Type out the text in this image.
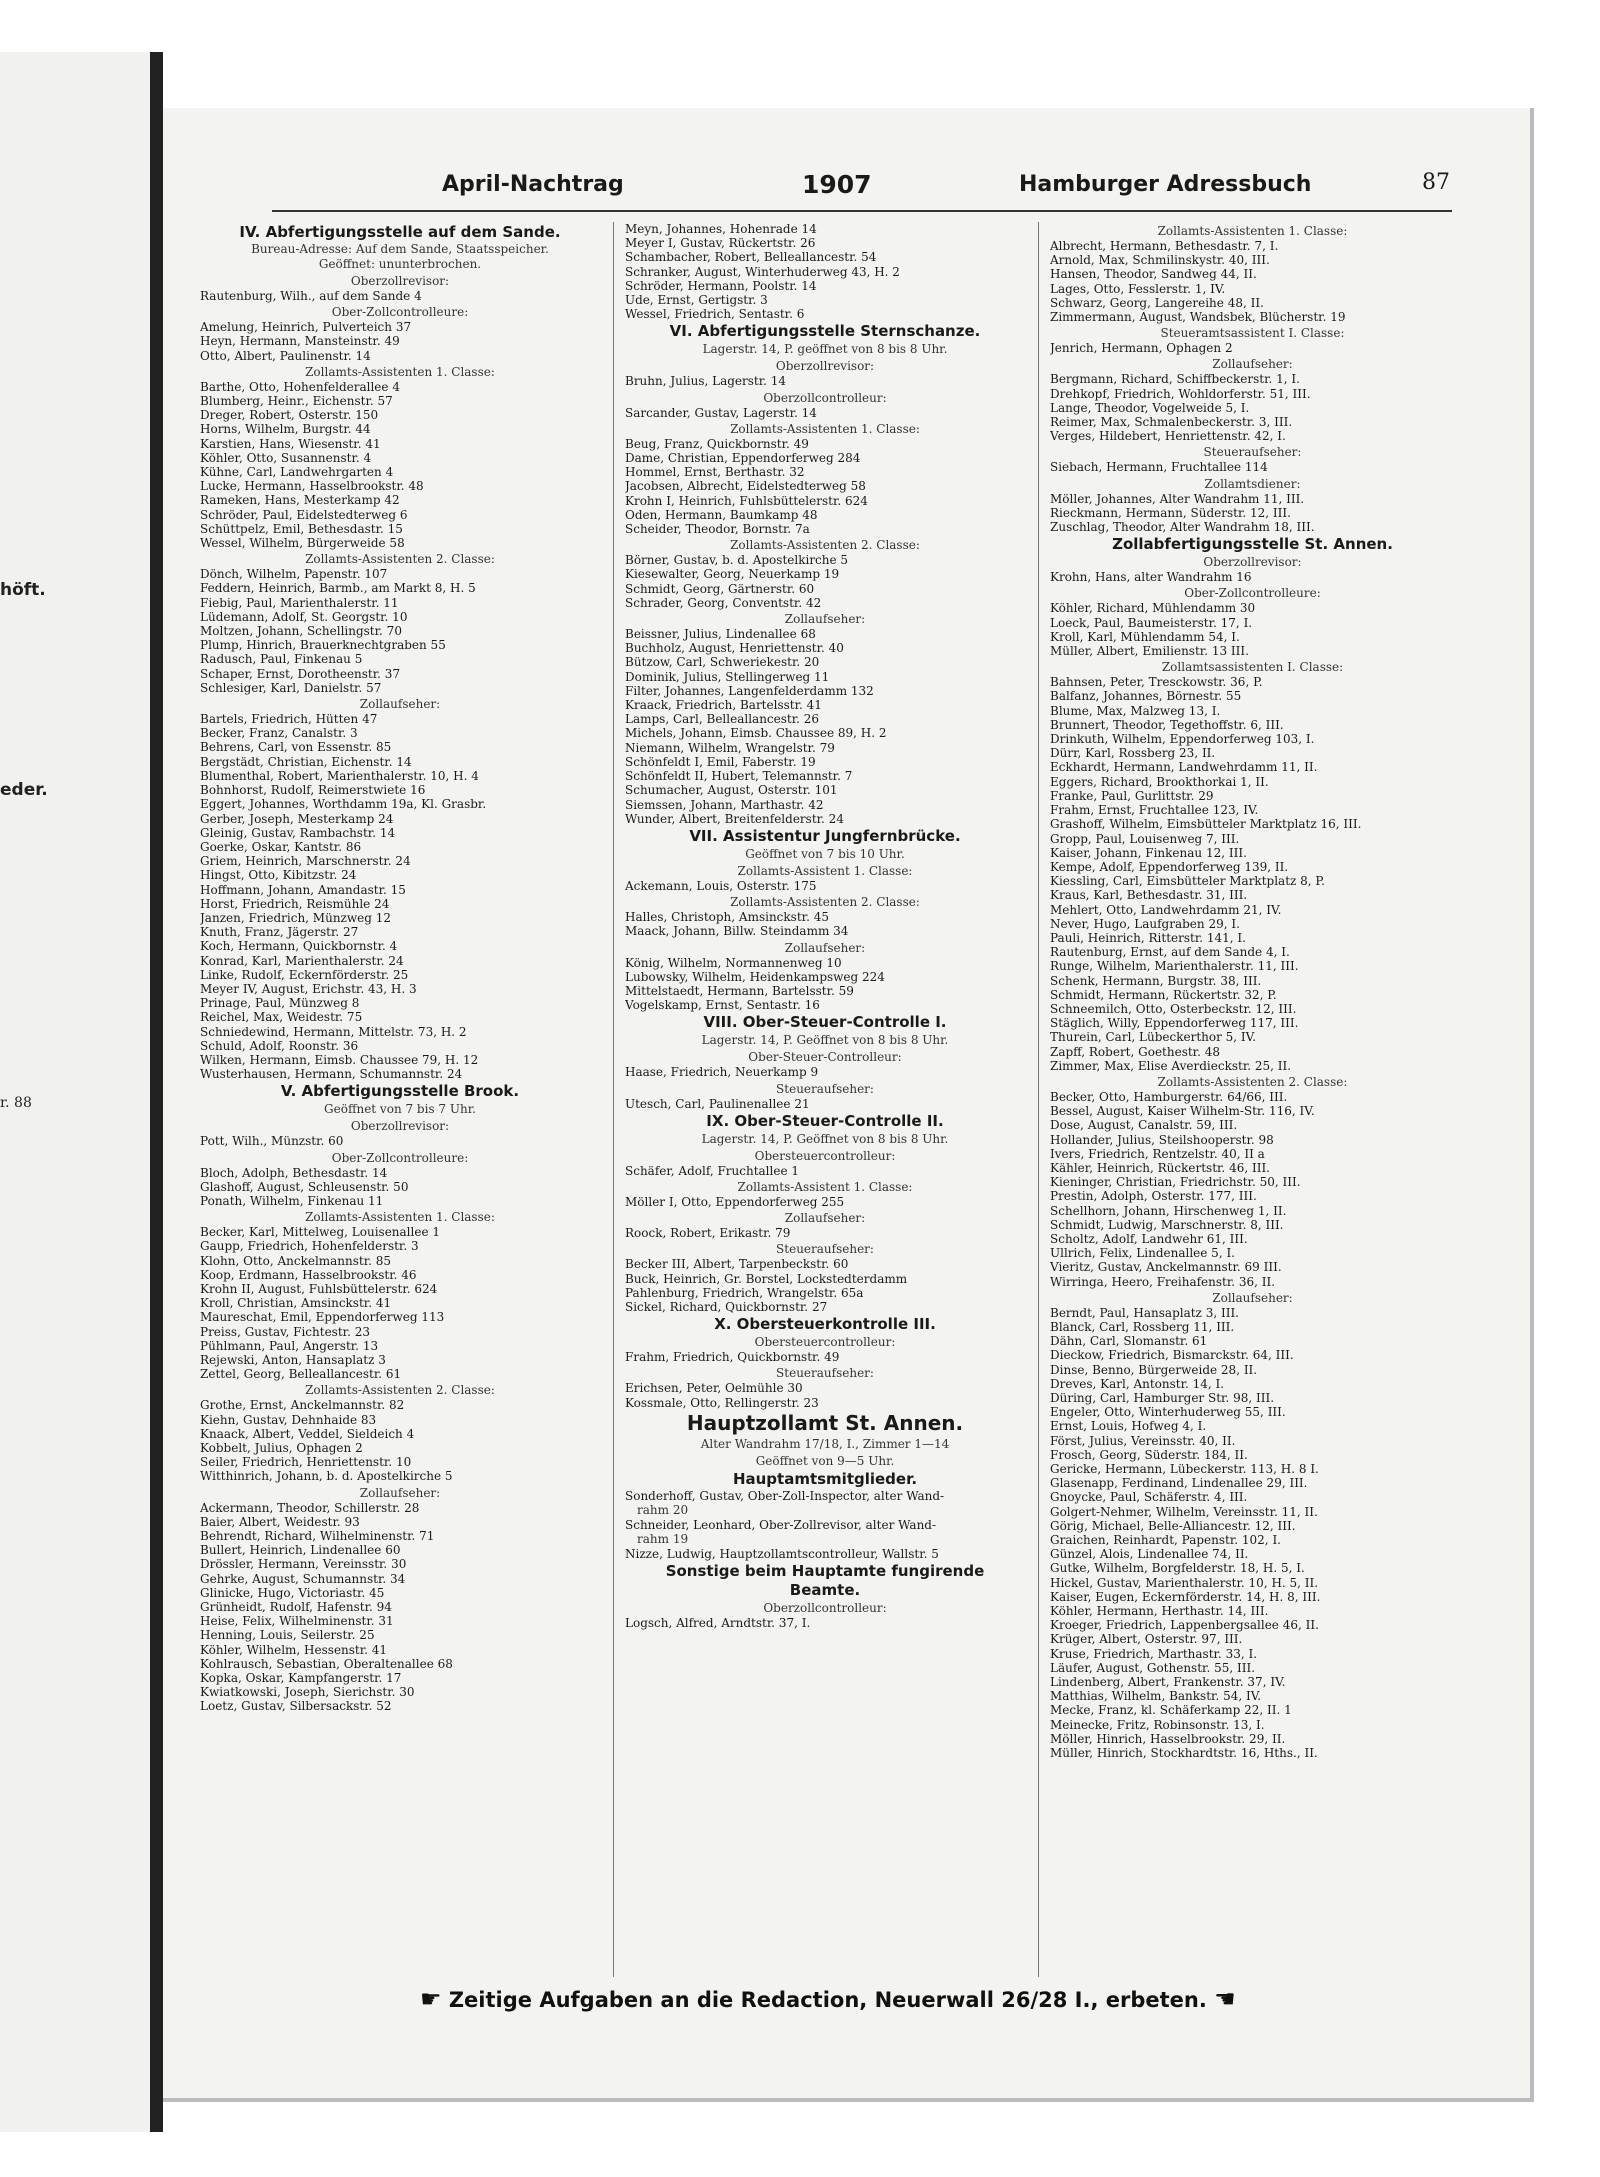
höft.
eder.
r. 88
April-Nachtrag	1907	Hamburger Adressbuch	87
IV. Abfertigungsstelle auf dem Sande.
Bureau-Adresse: Auf dem Sande, Staatsspeicher.
Geöffnet: ununterbrochen.
Oberzollrevisor:
Rautenburg, Wilh., auf dem Sande 4
Ober-Zollcontrolleure:
Amelung, Heinrich, Pulverteich 37
Heyn, Hermann, Mansteinstr. 49
Otto, Albert, Paulinenstr. 14
Zollamts-Assistenten 1. Classe:
Barthe, Otto, Hohenfelderallee 4
Blumberg, Heinr., Eichenstr. 57
Dreger, Robert, Osterstr. 150
Horns, Wilhelm, Burgstr. 44
Karstien, Hans, Wiesenstr. 41
Köhler, Otto, Susannenstr. 4
Kühne, Carl, Landwehrgarten 4
Lucke, Hermann, Hasselbrookstr. 48
Rameken, Hans, Mesterkamp 42
Schröder, Paul, Eidelstedterweg 6
Schüttpelz, Emil, Bethesdastr. 15
Wessel, Wilhelm, Bürgerweide 58
Zollamts-Assistenten 2. Classe:
Dönch, Wilhelm, Papenstr. 107
Feddern, Heinrich, Barmb., am Markt 8, H. 5
Fiebig, Paul, Marienthalerstr. 11
Lüdemann, Adolf, St. Georgstr. 10
Moltzen, Johann, Schellingstr. 70
Plump, Hinrich, Brauerknechtgraben 55
Radusch, Paul, Finkenau 5
Schaper, Ernst, Dorotheenstr. 37
Schlesiger, Karl, Danielstr. 57
Zollaufseher:
Bartels, Friedrich, Hütten 47
Becker, Franz, Canalstr. 3
Behrens, Carl, von Essenstr. 85
Bergstädt, Christian, Eichenstr. 14
Blumenthal, Robert, Marienthalerstr. 10, H. 4
Bohnhorst, Rudolf, Reimerstwiete 16
Eggert, Johannes, Worthdamm 19a, Kl. Grasbr.
Gerber, Joseph, Mesterkamp 24
Gleinig, Gustav, Rambachstr. 14
Goerke, Oskar, Kantstr. 86
Griem, Heinrich, Marschnerstr. 24
Hingst, Otto, Kibitzstr. 24
Hoffmann, Johann, Amandastr. 15
Horst, Friedrich, Reismühle 24
Janzen, Friedrich, Münzweg 12
Knuth, Franz, Jägerstr. 27
Koch, Hermann, Quickbornstr. 4
Konrad, Karl, Marienthalerstr. 24
Linke, Rudolf, Eckernförderstr. 25
Meyer IV, August, Erichstr. 43, H. 3
Prinage, Paul, Münzweg 8
Reichel, Max, Weidestr. 75
Schniedewind, Hermann, Mittelstr. 73, H. 2
Schuld, Adolf, Roonstr. 36
Wilken, Hermann, Eimsb. Chaussee 79, H. 12
Wusterhausen, Hermann, Schumannstr. 24
V. Abfertigungsstelle Brook.
Geöffnet von 7 bis 7 Uhr.
Oberzollrevisor:
Pott, Wilh., Münzstr. 60
Ober-Zollcontrolleure:
Bloch, Adolph, Bethesdastr. 14
Glashoff, August, Schleusenstr. 50
Ponath, Wilhelm, Finkenau 11
Zollamts-Assistenten 1. Classe:
Becker, Karl, Mittelweg, Louisenallee 1
Gaupp, Friedrich, Hohenfelderstr. 3
Klohn, Otto, Anckelmannstr. 85
Koop, Erdmann, Hasselbrookstr. 46
Krohn II, August, Fuhlsbüttelerstr. 624
Kroll, Christian, Amsinckstr. 41
Maureschat, Emil, Eppendorferweg 113
Preiss, Gustav, Fichtestr. 23
Pühlmann, Paul, Angerstr. 13
Rejewski, Anton, Hansaplatz 3
Zettel, Georg, Belleallancestr. 61
Zollamts-Assistenten 2. Classe:
Grothe, Ernst, Anckelmannstr. 82
Kiehn, Gustav, Dehnhaide 83
Knaack, Albert, Veddel, Sieldeich 4
Kobbelt, Julius, Ophagen 2
Seiler, Friedrich, Henriettenstr. 10
Witthinrich, Johann, b. d. Apostelkirche 5
Zollaufseher:
Ackermann, Theodor, Schillerstr. 28
Baier, Albert, Weidestr. 93
Behrendt, Richard, Wilhelminenstr. 71
Bullert, Heinrich, Lindenallee 60
Drössler, Hermann, Vereinsstr. 30
Gehrke, August, Schumannstr. 34
Glinicke, Hugo, Victoriastr. 45
Grünheidt, Rudolf, Hafenstr. 94
Heise, Felix, Wilhelminenstr. 31
Henning, Louis, Seilerstr. 25
Köhler, Wilhelm, Hessenstr. 41
Kohlrausch, Sebastian, Oberaltenallee 68
Kopka, Oskar, Kampfangerstr. 17
Kwiatkowski, Joseph, Sierichstr. 30
Loetz, Gustav, Silbersackstr. 52
Meyn, Johannes, Hohenrade 14
Meyer I, Gustav, Rückertstr. 26
Schambacher, Robert, Belleallancestr. 54
Schranker, August, Winterhuderweg 43, H. 2
Schröder, Hermann, Poolstr. 14
Ude, Ernst, Gertigstr. 3
Wessel, Friedrich, Sentastr. 6
VI. Abfertigungsstelle Sternschanze.
Lagerstr. 14, P. geöffnet von 8 bis 8 Uhr.
Oberzollrevisor:
Bruhn, Julius, Lagerstr. 14
Oberzollcontrolleur:
Sarcander, Gustav, Lagerstr. 14
Zollamts-Assistenten 1. Classe:
Beug, Franz, Quickbornstr. 49
Dame, Christian, Eppendorferweg 284
Hommel, Ernst, Berthastr. 32
Jacobsen, Albrecht, Eidelstedterweg 58
Krohn I, Heinrich, Fuhlsbüttelerstr. 624
Oden, Hermann, Baumkamp 48
Scheider, Theodor, Bornstr. 7a
Zollamts-Assistenten 2. Classe:
Börner, Gustav, b. d. Apostelkirche 5
Kiesewalter, Georg, Neuerkamp 19
Schmidt, Georg, Gärtnerstr. 60
Schrader, Georg, Conventstr. 42
Zollaufseher:
Beissner, Julius, Lindenallee 68
Buchholz, August, Henriettenstr. 40
Bützow, Carl, Schweriekestr. 20
Dominik, Julius, Stellingerweg 11
Filter, Johannes, Langenfelderdamm 132
Kraack, Friedrich, Bartelsstr. 41
Lamps, Carl, Belleallancestr. 26
Michels, Johann, Eimsb. Chaussee 89, H. 2
Niemann, Wilhelm, Wrangelstr. 79
Schönfeldt I, Emil, Faberstr. 19
Schönfeldt II, Hubert, Telemannstr. 7
Schumacher, August, Osterstr. 101
Siemssen, Johann, Marthastr. 42
Wunder, Albert, Breitenfelderstr. 24
VII. Assistentur Jungfernbrücke.
Geöffnet von 7 bis 10 Uhr.
Zollamts-Assistent 1. Classe:
Ackemann, Louis, Osterstr. 175
Zollamts-Assistenten 2. Classe:
Halles, Christoph, Amsinckstr. 45
Maack, Johann, Billw. Steindamm 34
Zollaufseher:
König, Wilhelm, Normannenweg 10
Lubowsky, Wilhelm, Heidenkampsweg 224
Mittelstaedt, Hermann, Bartelsstr. 59
Vogelskamp, Ernst, Sentastr. 16
VIII. Ober-Steuer-Controlle I.
Lagerstr. 14, P. Geöffnet von 8 bis 8 Uhr.
Ober-Steuer-Controlleur:
Haase, Friedrich, Neuerkamp 9
Steueraufseher:
Utesch, Carl, Paulinenallee 21
IX. Ober-Steuer-Controlle II.
Lagerstr. 14, P. Geöffnet von 8 bis 8 Uhr.
Obersteuercontrolleur:
Schäfer, Adolf, Fruchtallee 1
Zollamts-Assistent 1. Classe:
Möller I, Otto, Eppendorferweg 255
Zollaufseher:
Roock, Robert, Erikastr. 79
Steueraufseher:
Becker III, Albert, Tarpenbeckstr. 60
Buck, Heinrich, Gr. Borstel, Lockstedterdamm
Pahlenburg, Friedrich, Wrangelstr. 65a
Sickel, Richard, Quickbornstr. 27
X. Obersteuerkontrolle III.
Obersteuercontrolleur:
Frahm, Friedrich, Quickbornstr. 49
Steueraufseher:
Erichsen, Peter, Oelmühle 30
Kossmale, Otto, Rellingerstr. 23
Hauptzollamt St. Annen.
Alter Wandrahm 17/18, I., Zimmer 1—14
Geöffnet von 9—5 Uhr.
Hauptamtsmitglieder.
Sonderhoff, Gustav, Ober-Zoll-Inspector, alter Wand-
rahm 20
Schneider, Leonhard, Ober-Zollrevisor, alter Wand-
rahm 19
Nizze, Ludwig, Hauptzollamtscontrolleur, Wallstr. 5
Sonstige beim Hauptamte fungirende
Beamte.
Oberzollcontrolleur:
Logsch, Alfred, Arndtstr. 37, I.
Zollamts-Assistenten 1. Classe:
Albrecht, Hermann, Bethesdastr. 7, I.
Arnold, Max, Schmilinskystr. 40, III.
Hansen, Theodor, Sandweg 44, II.
Lages, Otto, Fesslerstr. 1, IV.
Schwarz, Georg, Langereihe 48, II.
Zimmermann, August, Wandsbek, Blücherstr. 19
Steueramtsassistent I. Classe:
Jenrich, Hermann, Ophagen 2
Zollaufseher:
Bergmann, Richard, Schiffbeckerstr. 1, I.
Drehkopf, Friedrich, Wohldorferstr. 51, III.
Lange, Theodor, Vogelweide 5, I.
Reimer, Max, Schmalenbeckerstr. 3, III.
Verges, Hildebert, Henriettenstr. 42, I.
Steueraufseher:
Siebach, Hermann, Fruchtallee 114
Zollamtsdiener:
Möller, Johannes, Alter Wandrahm 11, III.
Rieckmann, Hermann, Süderstr. 12, III.
Zuschlag, Theodor, Alter Wandrahm 18, III.
Zollabfertigungsstelle St. Annen.
Oberzollrevisor:
Krohn, Hans, alter Wandrahm 16
Ober-Zollcontrolleure:
Köhler, Richard, Mühlendamm 30
Loeck, Paul, Baumeisterstr. 17, I.
Kroll, Karl, Mühlendamm 54, I.
Müller, Albert, Emilienstr. 13 III.
Zollamtsassistenten I. Classe:
Bahnsen, Peter, Tresckowstr. 36, P.
Balfanz, Johannes, Börnestr. 55
Blume, Max, Malzweg 13, I.
Brunnert, Theodor, Tegethoffstr. 6, III.
Drinkuth, Wilhelm, Eppendorferweg 103, I.
Dürr, Karl, Rossberg 23, II.
Eckhardt, Hermann, Landwehrdamm 11, II.
Eggers, Richard, Brookthorkai 1, II.
Franke, Paul, Gurlittstr. 29
Frahm, Ernst, Fruchtallee 123, IV.
Grashoff, Wilhelm, Eimsbütteler Marktplatz 16, III.
Gropp, Paul, Louisenweg 7, III.
Kaiser, Johann, Finkenau 12, III.
Kempe, Adolf, Eppendorferweg 139, II.
Kiessling, Carl, Eimsbütteler Marktplatz 8, P.
Kraus, Karl, Bethesdastr. 31, III.
Mehlert, Otto, Landwehrdamm 21, IV.
Never, Hugo, Laufgraben 29, I.
Pauli, Heinrich, Ritterstr. 141, I.
Rautenburg, Ernst, auf dem Sande 4, I.
Runge, Wilhelm, Marienthalerstr. 11, III.
Schenk, Hermann, Burgstr. 38, III.
Schmidt, Hermann, Rückertstr. 32, P.
Schneemilch, Otto, Osterbeckstr. 12, III.
Stäglich, Willy, Eppendorferweg 117, III.
Thurein, Carl, Lübeckerthor 5, IV.
Zapff, Robert, Goethestr. 48
Zimmer, Max, Elise Averdieckstr. 25, II.
Zollamts-Assistenten 2. Classe:
Becker, Otto, Hamburgerstr. 64/66, III.
Bessel, August, Kaiser Wilhelm-Str. 116, IV.
Dose, August, Canalstr. 59, III.
Hollander, Julius, Steilshooperstr. 98
Ivers, Friedrich, Rentzelstr. 40, II a
Kähler, Heinrich, Rückertstr. 46, III.
Kieninger, Christian, Friedrichstr. 50, III.
Prestin, Adolph, Osterstr. 177, III.
Schellhorn, Johann, Hirschenweg 1, II.
Schmidt, Ludwig, Marschnerstr. 8, III.
Scholtz, Adolf, Landwehr 61, III.
Ullrich, Felix, Lindenallee 5, I.
Vieritz, Gustav, Anckelmannstr. 69 III.
Wirringa, Heero, Freihafenstr. 36, II.
Zollaufseher:
Berndt, Paul, Hansaplatz 3, III.
Blanck, Carl, Rossberg 11, III.
Dähn, Carl, Slomanstr. 61
Dieckow, Friedrich, Bismarckstr. 64, III.
Dinse, Benno, Bürgerweide 28, II.
Dreves, Karl, Antonstr. 14, I.
Düring, Carl, Hamburger Str. 98, III.
Engeler, Otto, Winterhuderweg 55, III.
Ernst, Louis, Hofweg 4, I.
Först, Julius, Vereinsstr. 40, II.
Frosch, Georg, Süderstr. 184, II.
Gericke, Hermann, Lübeckerstr. 113, H. 8 I.
Glasenapp, Ferdinand, Lindenallee 29, III.
Gnoycke, Paul, Schäferstr. 4, III.
Golgert-Nehmer, Wilhelm, Vereinsstr. 11, II.
Görig, Michael, Belle-Alliancestr. 12, III.
Graichen, Reinhardt, Papenstr. 102, I.
Günzel, Alois, Lindenallee 74, II.
Gutke, Wilhelm, Borgfelderstr. 18, H. 5, I.
Hickel, Gustav, Marienthalerstr. 10, H. 5, II.
Kaiser, Eugen, Eckernförderstr. 14, H. 8, III.
Köhler, Hermann, Herthastr. 14, III.
Kroeger, Friedrich, Lappenbergsallee 46, II.
Krüger, Albert, Osterstr. 97, III.
Kruse, Friedrich, Marthastr. 33, I.
Läufer, August, Gothenstr. 55, III.
Lindenberg, Albert, Frankenstr. 37, IV.
Matthias, Wilhelm, Bankstr. 54, IV.
Mecke, Franz, kl. Schäferkamp 22, II. 1
Meinecke, Fritz, Robinsonstr. 13, I.
Möller, Hinrich, Hasselbrookstr. 29, II.
Müller, Hinrich, Stockhardtstr. 16, Hths., II.
☛ Zeitige Aufgaben an die Redaction, Neuerwall 26/28 I., erbeten. ☚
